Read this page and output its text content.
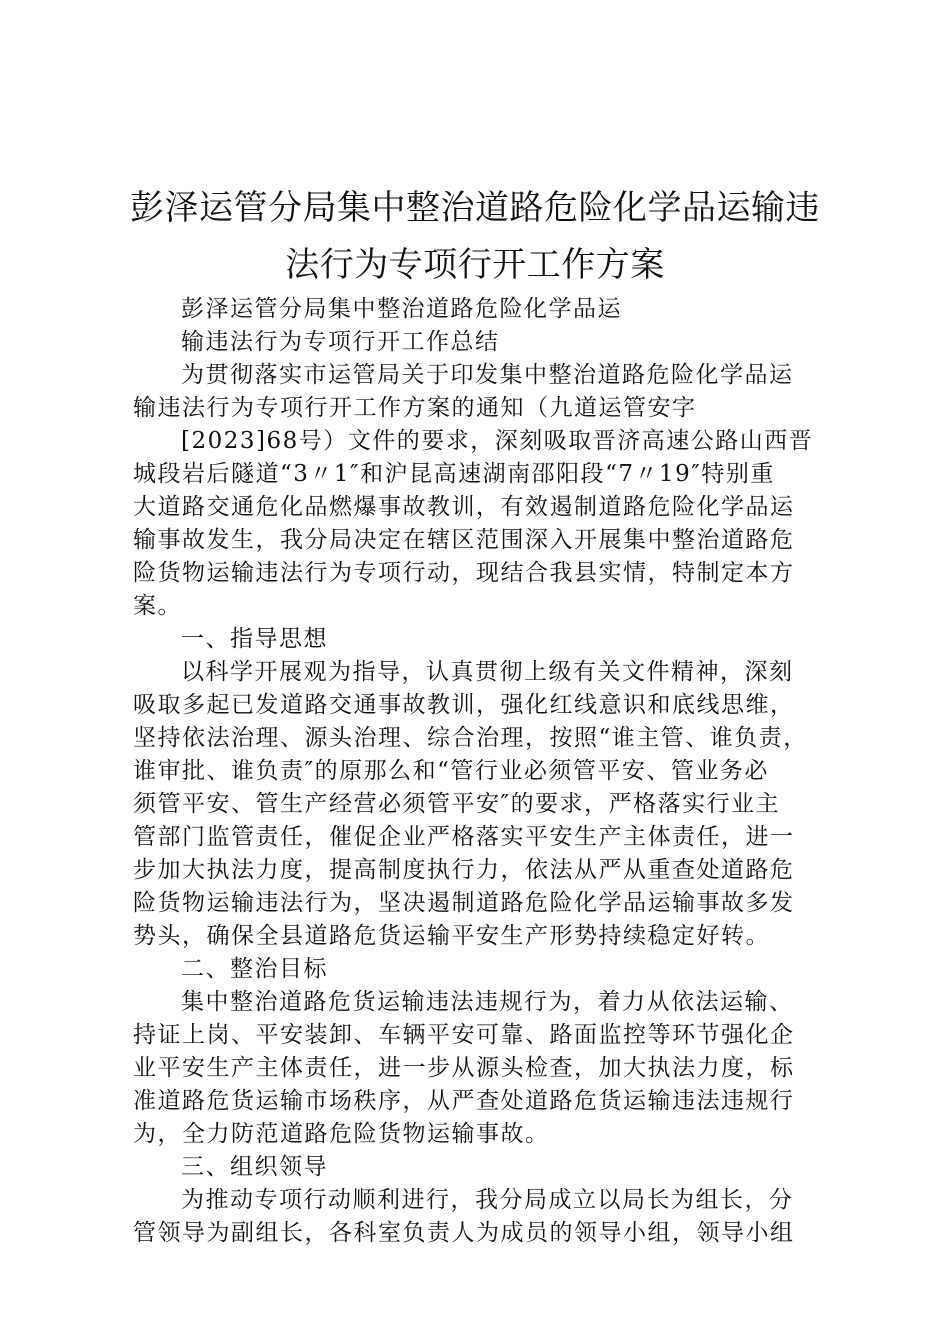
彭泽运管分局集中整治道路危险化学品运输违
法行为专项行开工作方案
彭泽运管分局集中整治道路危险化学品运
输违法行为专项行开工作总结
为贯彻落实市运管局关于印发集中整治道路危险化学品运
输违法行为专项行开工作方案的通知（九道运管安字
[2023]68号）文件的要求，深刻吸取晋济高速公路山西晋
城段岩后隧道“3〃1″和沪昆高速湖南邵阳段“7〃19″特别重
大道路交通危化品燃爆事故教训，有效遏制道路危险化学品运
输事故发生，我分局决定在辖区范围深入开展集中整治道路危
险货物运输违法行为专项行动，现结合我县实情，特制定本方
案。
一、指导思想
以科学开展观为指导，认真贯彻上级有关文件精神，深刻
吸取多起已发道路交通事故教训，强化红线意识和底线思维，
坚持依法治理、源头治理、综合治理，按照“谁主管、谁负责，
谁审批、谁负责″的原那么和“管行业必须管平安、管业务必
须管平安、管生产经营必须管平安″的要求，严格落实行业主
管部门监管责任，催促企业严格落实平安生产主体责任，进一
步加大执法力度，提高制度执行力，依法从严从重查处道路危
险货物运输违法行为，坚决遏制道路危险化学品运输事故多发
势头，确保全县道路危货运输平安生产形势持续稳定好转。
二、整治目标
集中整治道路危货运输违法违规行为，着力从依法运输、
持证上岗、平安装卸、车辆平安可靠、路面监控等环节强化企
业平安生产主体责任，进一步从源头检查，加大执法力度，标
准道路危货运输市场秩序，从严查处道路危货运输违法违规行
为，全力防范道路危险货物运输事故。
三、组织领导
为推动专项行动顺利进行，我分局成立以局长为组长，分
管领导为副组长，各科室负责人为成员的领导小组，领导小组
